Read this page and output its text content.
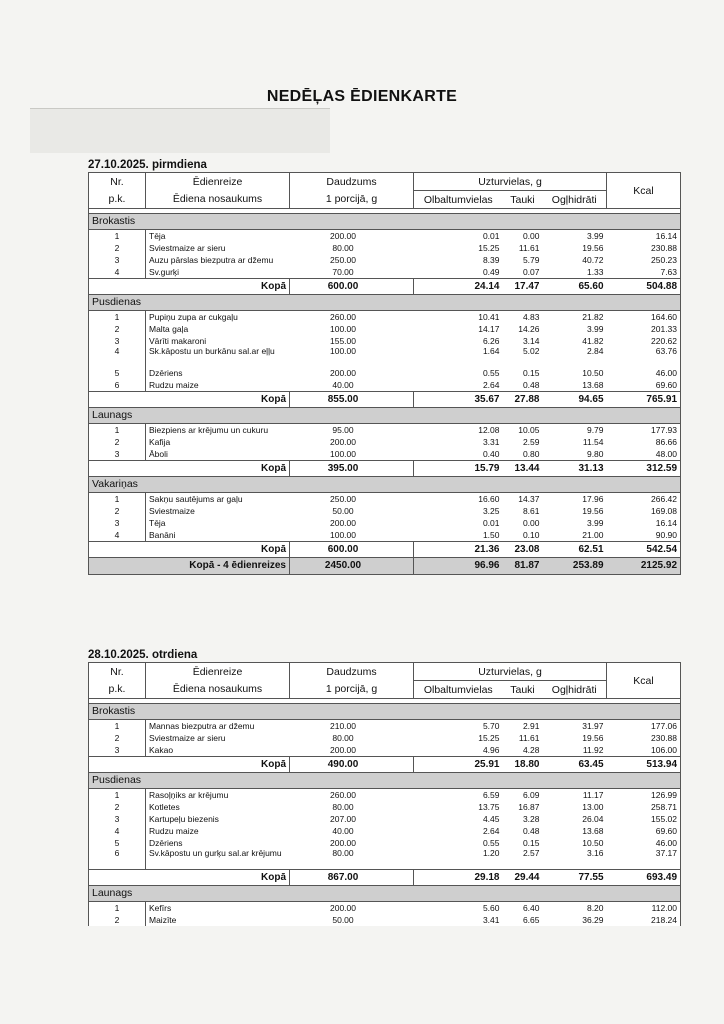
NEDĒĻAS ĒDIENKARTE
27.10.2025. pirmdiena
Nr.	Ēdienreize	Daudzums	Uzturvielas, g			Kcal
p.k.	Ēdiena nosaukums	1 porcijā, g	Olbaltumvielas	Tauki	Ogļhidrāti	

Brokastis						
1	Tēja	200.00	0.01	0.00	3.99	16.14
2	Sviestmaize ar sieru	80.00	15.25	11.61	19.56	230.88
3	Auzu pārslas biezputra ar džemu	250.00	8.39	5.79	40.72	250.23
4	Sv.gurķi	70.00	0.49	0.07	1.33	7.63
	Kopā	600.00	24.14	17.47	65.60	504.88
Pusdienas						
1	Pupiņu zupa ar cukgaļu	260.00	10.41	4.83	21.82	164.60
2	Malta gaļa	100.00	14.17	14.26	3.99	201.33
3	Vārīti makaroni	155.00	6.26	3.14	41.82	220.62
4	Sk.kāpostu un burkānu sal.ar eļļu	100.00	1.64	5.02	2.84	63.76
5	Dzēriens	200.00	0.55	0.15	10.50	46.00
6	Rudzu maize	40.00	2.64	0.48	13.68	69.60
	Kopā	855.00	35.67	27.88	94.65	765.91
Launags						
1	Biezpiens ar krējumu un cukuru	95.00	12.08	10.05	9.79	177.93
2	Kafija	200.00	3.31	2.59	11.54	86.66
3	Āboli	100.00	0.40	0.80	9.80	48.00
	Kopā	395.00	15.79	13.44	31.13	312.59
Vakariņas						
1	Sakņu sautējums ar gaļu	250.00	16.60	14.37	17.96	266.42
2	Sviestmaize	50.00	3.25	8.61	19.56	169.08
3	Tēja	200.00	0.01	0.00	3.99	16.14
4	Banāni	100.00	1.50	0.10	21.00	90.90
	Kopā	600.00	21.36	23.08	62.51	542.54
	Kopā - 4 ēdienreizes	2450.00	96.96	81.87	253.89	2125.92
28.10.2025. otrdiena
Nr.	Ēdienreize	Daudzums	Uzturvielas, g			Kcal
p.k.	Ēdiena nosaukums	1 porcijā, g	Olbaltumvielas	Tauki	Ogļhidrāti	

Brokastis						
1	Mannas biezputra ar džemu	210.00	5.70	2.91	31.97	177.06
2	Sviestmaize ar sieru	80.00	15.25	11.61	19.56	230.88
3	Kakao	200.00	4.96	4.28	11.92	106.00
	Kopā	490.00	25.91	18.80	63.45	513.94
Pusdienas						
1	Rasoļņiks ar krējumu	260.00	6.59	6.09	11.17	126.99
2	Kotletes	80.00	13.75	16.87	13.00	258.71
3	Kartupeļu biezenis	207.00	4.45	3.28	26.04	155.02
4	Rudzu maize	40.00	2.64	0.48	13.68	69.60
5	Dzēriens	200.00	0.55	0.15	10.50	46.00
6	Sv.kāpostu un gurķu sal.ar krējumu	80.00	1.20	2.57	3.16	37.17
	Kopā	867.00	29.18	29.44	77.55	693.49
Launags						
1	Kefīrs	200.00	5.60	6.40	8.20	112.00
2	Maizīte	50.00	3.41	6.65	36.29	218.24
